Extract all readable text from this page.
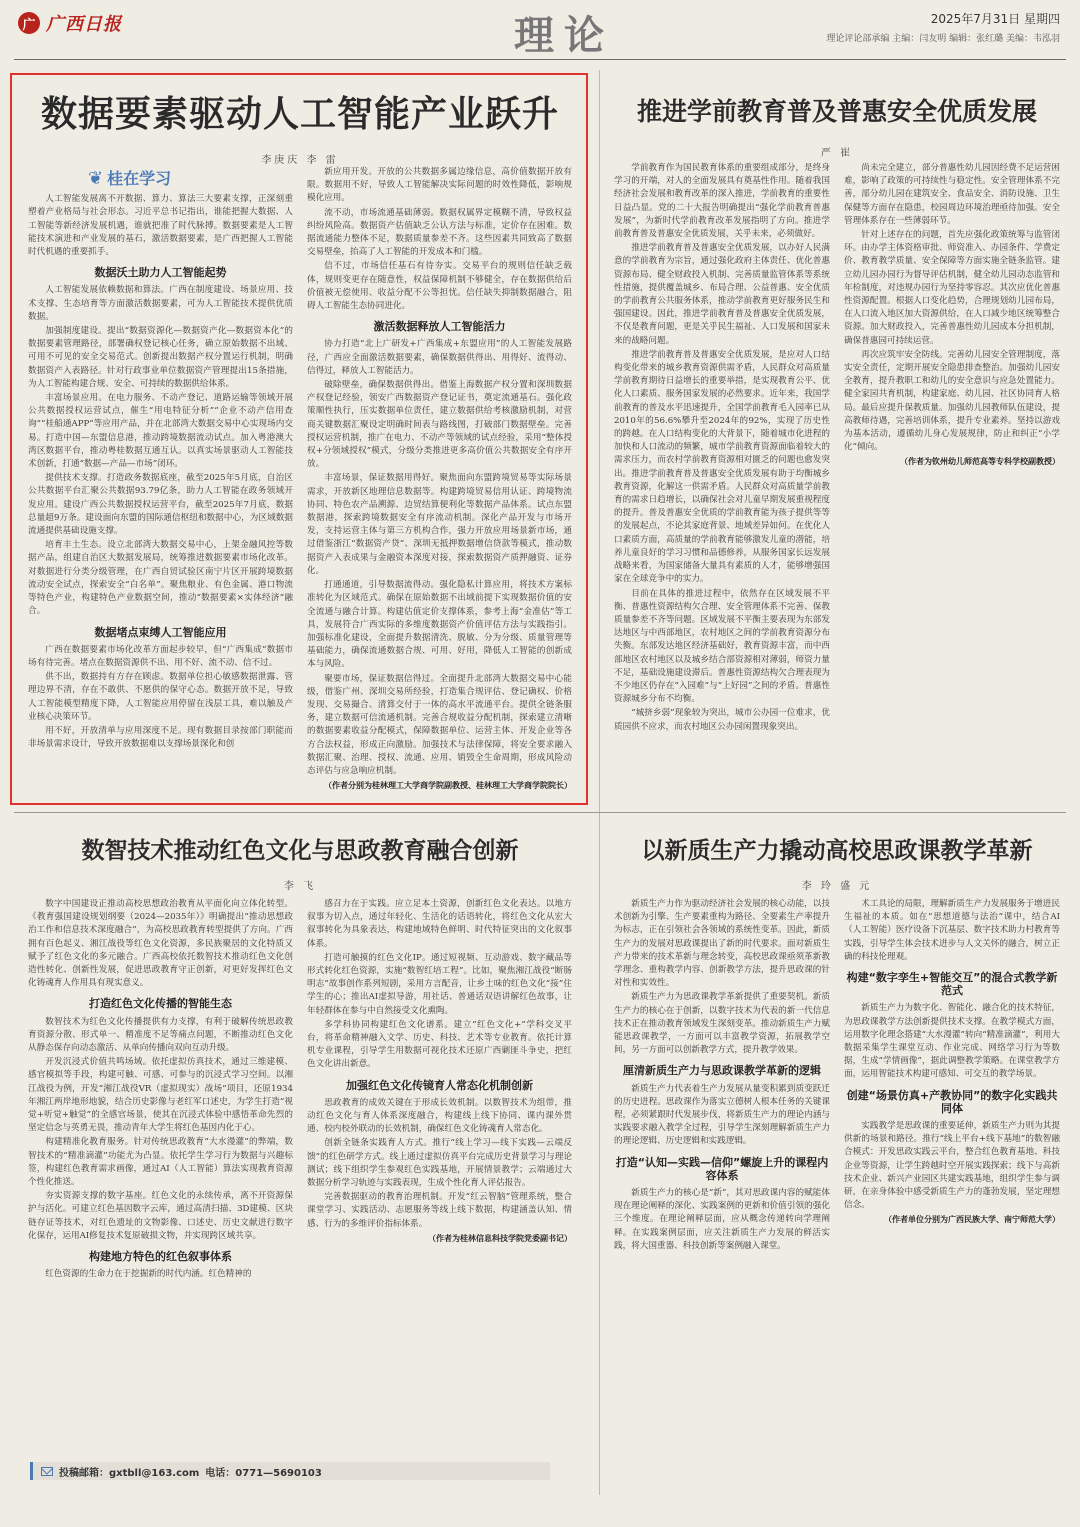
广 广西日报	理论	2025年7月31日 星期四
理论评论部承编 主编：闫友明 编辑：张红璐 美编：韦泓羽
数据要素驱动人工智能产业跃升
李庚庆 李 雷
❦ 桂在学习

人工智能发展离不开数据、算力、算法三大要素支撑，正深刻重塑着产业格局与社会形态。习近平总书记指出，谁能把握大数据、人工智能等新经济发展机遇，谁就把准了时代脉搏。数据要素是人工智能技术演进和产业发展的基石，激活数据要素，是广西把握人工智能时代机遇的重要抓手。

数据沃土助力人工智能起势

人工智能发展依赖数据和算法。广西在制度建设、场景应用、技术支撑、生态培育等方面激活数据要素，可为人工智能技术提供优质数据。

加强制度建设。提出“数据资源化—数据资产化—数据资本化”的数据要素管理路径，部署确权登记核心任务，确立原始数据不出域、可用不可见的安全交易范式。创新提出数据产权分置运行机制，明确数据资产入表路径。针对行政事业单位数据资产管理提出15条措施，为人工智能构建合规、安全、可持续的数据供给体系。

丰富场景应用。在电力服务、不动产登记、道路运输等领域开展公共数据授权运营试点，催生“用电特征分析”“企业不动产信用查询”“桂船通APP”等应用产品，并在北部湾大数据交易中心实现场内交易。打造中国—东盟信息港，推动跨境数据流动试点。加入粤港澳大湾区数据平台，推动粤桂数据互通互认。以真实场景驱动人工智能技术创新，打通“数据—产品—市场”闭环。

提供技术支撑。打造政务数据底座，截至2025年5月底，自治区公共数据平台汇聚公共数据93.79亿条，助力人工智能在政务领域开发应用。建设广西公共数据授权运营平台，截至2025年7月底，数据总量超9万条。建设面向东盟的国际通信枢纽和数据中心，为区域数据流通提供基础设施支撑。

培育丰土生态。设立北部湾大数据交易中心，上架金融风控等数据产品，组建自治区大数据发展局，统筹推进数据要素市场化改革。对数据进行分类分级管理，在广西自贸试验区南宁片区开展跨境数据流动安全试点，探索安全“白名单”。聚焦粮业、有色金属、港口物流等特色产业，构建特色产业数据空间，推动“数据要素×实体经济”融合。

数据堵点束缚人工智能应用

广西在数据要素市场化改革方面起步较早，但“广西集成”数据市场有待完善。堵点在数据资源供不出、用不好、流不动、信不过。

供不出，数据持有方存在顾虑。数据单位担心敏感数据泄露、管理边界不清，存在不敢供、不愿供的保守心态。数据开放不足，导致人工智能模型精度下降，人工智能应用停留在浅层工具，难以触及产业核心决策环节。

用不好，开放清单与应用深度不足。现有数据目录按部门职能而非场景需求设计，导致开放数据难以支撑场景深化和创

新应用开发。开放的公共数据多属边缘信息，高价值数据开放有限。数据用不好，导致人工智能解决实际问题的时效性降低，影响规模化应用。

流不动，市场流通基础薄弱。数据权属界定模糊不清，导致权益纠纷风险高。数据资产估值缺乏公认方法与标准，定价存在困难。数据流通能力整体不足，数据质量参差不齐。这些因素共同致高了数据交易壁垒，抬高了人工智能的开发成本和门槛。

信不过，市场信任基石有待夯实。交易平台的规则信任缺乏载体，规则变更存在随意性，权益保障机制不够健全，存在数据供给后价值被无偿使用、收益分配不公等担忧。信任缺失抑制数据融合，阻碍人工智能生态协同进化。

激活数据释放人工智能活力

协力打造“北上广研发+广西集成+东盟应用”的人工智能发展路径，广西应全面激活数据要素，确保数据供得出、用得好、流得动、信得过，释放人工智能活力。

破除壁垒，确保数据供得出。借鉴上海数据产权分置和深圳数据产权登记经验，领安广西数据资产登记证书，奠定流通基石。强化政策顺性执行，压实数据单位责任，建立数据供给考核激励机制，对营商关键数据汇聚设定明确时间表与路线图，打破部门数据壁垒。完善授权运营机制，推广在电力、不动产等领域的试点经验，采用“整体授权+分领域授权”模式，分级分类推进更多高价值公共数据安全有序开放。

丰富场景，保证数据用得好。聚焦面向东盟跨境贸易等实际场景需求，开放新区地理信息数据等。构建跨境贸易信用认证、跨境物流协同、特色农产品溯源、边贸结算便利化等数据产品体系。试点东盟数据港，探索跨境数据安全有序流动机制。深化产品开发与市场开发，支持运营主体与第三方机构合作，强力开放应用场景新市场，通过借鉴浙江“数据资产贷”、深圳无抵押数据增信贷款等模式，推动数据资产入表成果与金融资本深度对接，探索数据资产质押融资、证券化。

打通通道，引导数据流得动。强化隐私计算应用，将技术方案标准转化为区域范式。确保在原始数据不出域前提下实现数据价值的安全流通与融合计算。构建估值定价支撑体系，参考上海“金准估”等工具，发展符合广西实际的多维度数据资产价值评估方法与实践指引。加强标准化建设，全面提升数据清洗、脱敏、分为分级、质量管理等基础能力，确保流通数据合规、可用、好用，降低人工智能的创新成本与风险。

聚要市场，保证数据信得过。全面提升北部湾大数据交易中心能级，借鉴广州、深圳交易所经验，打造集合规评估、登记确权、价格发现、交易撮合、清算交付于一体的高水平流通平台。提供全链条服务，建立数据可信流通机制。完善合规收益分配机制，探索建立清晰的数据要素收益分配模式，保障数据单位、运营主体、开发企业等各方合法权益，形成正向激励。加强技术与法律保障，将安全要求融入数据汇聚、治理、授权、流通、应用、销毁全生命周期，形成风险动态评估与应急响应机制。

（作者分别为桂林理工大学商学院副教授、桂林理工大学商学院院长）

推进学前教育普及普惠安全优质发展
严 崔

学前教育作为国民教育体系的重要组成部分，是终身学习的开端，对人的全面发展具有奠基性作用。随着我国经济社会发展和教育改革的深入推进，学前教育的重要性日益凸显。党的二十大报告明确提出“强化学前教育普惠发展”，为新时代学前教育改革发展指明了方向。推进学前教育普及普惠安全优质发展，关乎未来，必须做好。

推进学前教育普及普惠安全优质发展，以办好人民满意的学前教育为宗旨，通过强化政府主体责任、优化普惠资源布局、健全财政投入机制、完善质量监管体系等系统性措施，提供覆盖城乡、布局合理、公益普惠、安全优质的学前教育公共服务体系，推动学前教育更好服务民生和强国建设。因此，推进学前教育普及普惠安全优质发展，不仅是教育问题，更是关乎民生福祉、人口发展和国家未来的战略问题。

推进学前教育普及普惠安全优质发展，是应对人口结构变化带来的城乡教育资源供需矛盾，人民群众对高质量学前教育期待日益增长的重要举措，是实现教育公平、优化人口素质、服务国家发展的必然要求。近年来，我国学前教育的普及水平迅速提升，全国学前教育毛入园率已从2010年的56.6%攀升至2024年的92%，实现了历史性的跨越。在人口结构变化的大背景下，随着城市化进程的加快和人口流动的频繁，城市学前教育资源面临着较大的需求压力，而农村学前教育资源相对匮乏的问题也愈发突出。推进学前教育普及普惠安全优质发展有助于均衡城乡教育资源，化解这一供需矛盾。人民群众对高质量学前教育的需求日趋增长，以确保社会对儿童早期发展重视程度的提升。普及普惠安全优质的学前教育能为孩子提供等等的发展起点，不论其家庭背景、地域差异如何。在优化人口素质方面，高质量的学前教育能够激发儿童的潜能，培养儿童良好的学习习惯和品德修养，从服务国家长远发展战略来看，为国家储备大量具有素质的人才，能够增强国家在全球竞争中的实力。

目前在具体的推进过程中，依然存在区域发展不平衡、普惠性资源结构欠合理、安全管理体系不完善、保教质量参差不齐等问题。区域发展不平衡主要表现为东部发达地区与中西部地区，农村地区之间的学前教育资源分布失衡。东部发达地区经济基础好，教育资源丰富，而中西部地区农村地区以及城乡结合部资源相对薄弱，师资力量不足，基础设施建设滞后。普惠性资源结构欠合理表现为不少地区仍存在“入园难”与“上好园”之间的矛盾。普惠性资源城乡分布不均衡。

“城挤乡弱”现象较为突出，城市公办园一位难求，优质园供不应求，而农村地区公办园闲置现象突出。

尚未完全建立，部分普惠性幼儿园因经费不足运营困难，影响了政策的可持续性与稳定性。安全管理体系不完善，部分幼儿园在建筑安全、食品安全、消防设施、卫生保健等方面存在隐患，校园周边环境治理亟待加强。安全管理体系存在一些薄弱环节。

针对上述存在的问题，首先应强化政策统筹与监管闭环。由办学主体资格审批、师资准入、办园条件、学费定价、教育教学质量、安全保障等方面实施全链条监管。建立幼儿园办园行为督导评估机制，健全幼儿园动态监管和年检制度，对违规办园行为坚持零容忍。其次应优化普惠性资源配置。根据人口变化趋势，合理规划幼儿园布局，在人口流入地区加大资源供给，在人口减少地区统筹整合资源。加大财政投入，完善普惠性幼儿园成本分担机制，确保普惠园可持续运营。

再次应筑牢安全防线。完善幼儿园安全管理制度，落实安全责任，定期开展安全隐患排查整治。加强幼儿园安全教育，提升教职工和幼儿的安全意识与应急处置能力。健全家园共育机制，构建家庭、幼儿园、社区协同育人格局。最后应提升保教质量。加强幼儿园教师队伍建设，提高教师待遇，完善培训体系，提升专业素养。坚持以游戏为基本活动，遵循幼儿身心发展规律，防止和纠正“小学化”倾向。

（作者为钦州幼儿师范高等专科学校副教授）

数智技术推动红色文化与思政教育融合创新
李 飞

数字中国建设正推动高校思想政治教育从平面化向立体化转型。《教育强国建设规划纲要（2024—2035年）》明确提出“推动思想政治工作和信息技术深度融合”，为高校思政教育转型提供了方向。广西拥有百色起义、湘江战役等红色文化资源，多民族聚居的文化特质又赋予了红色文化的多元融合。广西高校依托数智技术推动红色文化创造性转化、创新性发展，促进思政教育守正创新，对更好发挥红色文化铸魂育人作用具有现实意义。

打造红色文化传播的智能生态

数智技术为红色文化传播提供有力支撑，有利于破解传统思政教育资源分散、形式单一、精准度不足等痛点问题，不断推动红色文化从静态保存向动态激活、从单向传播向双向互动升级。

开发沉浸式价值共鸣场域。依托虚拟仿真技术，通过三维建模、感官模拟等手段，构建可触、可感、可参与的沉浸式学习空间。以湘江战役为例，开发“湘江战役VR（虚拟现实）战场”项目，还原1934年湘江两岸地形地貌，结合历史影像与老红军口述史，为学生打造“视觉+听觉+触觉”的全感官场景，使其在沉浸式体验中感悟革命先烈的坚定信念与英勇无畏，推动青年大学生将红色基因内化于心。

构建精准化教育服务。针对传统思政教育“大水漫灌”的弊端，数智技术的“精准滴灌”功能尤为凸显。依托学生学习行为数据与兴趣标签，构建红色教育需求画像，通过AI（人工智能）算法实现教育资源个性化推送。

夯实资源支撑的数字基座。红色文化的永续传承，离不开资源保护与活化。可建立红色基因数字云库，通过高清扫描、3D建模、区块链存证等技术，对红色遗址的文物影像、口述史、历史文献进行数字化保存，运用AI修复技术复原破损文物，并实现跨区域共享。

构建地方特色的红色叙事体系

红色资源的生命力在于挖掘新的时代内涵。红色精神的

感召力在于实践。应立足本土资源，创新红色文化表达。以地方叙事为切入点，通过年轻化、生活化的话语转化，将红色文化从宏大叙事转化为具象表达，构建地域特色鲜明、时代特征突出的文化叙事体系。

打造可触摸的红色文化IP。通过短视频、互动游戏、数字藏品等形式转化红色资源，实施“数智红培工程”。比如，聚焦湘江战役“断肠明志”故事创作系列短剧，采用方言配音，让乡土味的红色文化“接”住学生的心；推出AI虚拟导游，用社话、普通话双语讲解红色故事，让年轻群体在参与中自然接受文化熏陶。

多学科协同构建红色文化谱系。建立“红色文化+”学科交叉平台，将革命精神融入文学、历史、科技、艺术等专业教育。依托计算机专业课程，引导学生用数据可视化技术还原广西剿匪斗争史，把红色文化讲出新意。

加强红色文化传镜育人常态化机制创新

思政教育的成效关键在于形成长效机制。以数智技术为组带，推动红色文化与育人体系深度融合，构建线上线下协同、课内课外贯通、校内校外联动的长效机制，确保红色文化铸魂育人常态化。

创新全链条实践育人方式。推行“线上学习—线下实践—云端反馈”的红色研学方式。线上通过虚拟仿真平台完成历史背景学习与理论测试；线下组织学生参观红色实践基地，开展情景教学；云端通过大数据分析学习轨迹与实践表现，生成个性化育人评估报告。

完善数据驱动的教育治理机制。开发“红云智脑”管理系统，整合课堂学习、实践活动、志愿服务等线上线下数据，构建涵盖认知、情感、行为的多维评价指标体系。

（作者为桂林信息科技学院党委副书记）

投稿邮箱：gxtbll@163.com 电话：0771—5690103
以新质生产力撬动高校思政课教学革新
李 玲 盛 元

新质生产力作为驱动经济社会发展的核心动能，以技术创新为引擎、生产要素重构为路径、全要素生产率提升为标志，正在引领社会各领域的系统性变革。因此，新质生产力的发展对思政课提出了新的时代要求。面对新质生产力带来的技术革新与理念转变，高校思政课亟须革新教学理念、重构教学内容、创新教学方法，提升思政课的针对性和实效性。

新质生产力为思政课教学革新提供了重要契机。新质生产力的核心在于创新，以数字技术为代表的新一代信息技术正在推动教育领域发生深刻变革。推动新质生产力赋能思政课教学，一方面可以丰富教学资源，拓展教学空间，另一方面可以创新教学方式，提升教学效果。

厘清新质生产力与思政课教学革新的逻辑

新质生产力代表着生产力发展从量变积累到质变跃迁的历史进程。思政课作为落实立德树人根本任务的关键课程，必须紧跟时代发展步伐，将新质生产力的理论内涵与实践要求融入教学全过程，引导学生深刻理解新质生产力的理论逻辑、历史逻辑和实践逻辑。

打造“认知—实践—信仰”螺旋上升的课程内容体系

新质生产力的核心是“新”，其对思政课内容的赋能体现在理论阐释的深化、实践案例的更新和价值引领的强化三个维度。在理论阐释层面，应从概念传递转向学理阐释。在实践案例层面，应关注新质生产力发展的鲜活实践，将大国重器、科技创新等案例融入课堂。

术工具论的局限，理解新质生产力发展服务于增进民生福祉的本质。如在“思想道德与法治”课中，结合AI（人工智能）医疗设备下沉基层、数字技术助力村教育等实践，引导学生体会技术进步与人文关怀的融合，树立正确的科技伦理观。

构建“数字孪生+智能交互”的混合式教学新范式

新质生产力为数字化、智能化、融合化的技术特征，为思政课教学方法创新提供技术支撑。在教学模式方面，运用数字化理念搭建“大水漫灌”转向“精准滴灌”，利用大数据采集学生课堂互动、作业完成、网络学习行为等数据，生成“学情画像”，据此调整教学策略。在课堂教学方面，运用智能技术构建可感知、可交互的教学场景。

创建“场景仿真+产教协同”的数字化实践共同体

实践教学是思政课的重要延伸，新质生产力则为其提供新的场景和路径。推行“线上平台+线下基地”的数智融合模式：开发思政实践云平台，整合红色教育基地、科技企业等资源，让学生跨越时空开展实践探索；线下与高新技术企业、新兴产业园区共建实践基地，组织学生参与调研，在亲身体验中感受新质生产力的蓬勃发展，坚定理想信念。

（作者单位分别为广西民族大学、南宁师范大学）
